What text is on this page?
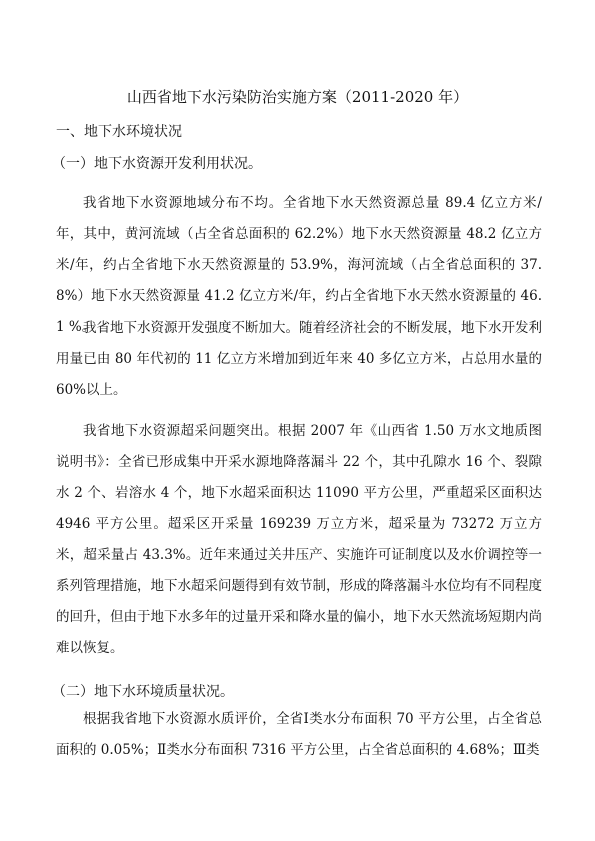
山西省地下水污染防治实施方案（2011-2020 年）
一、地下水环境状况
（一）地下水资源开发利用状况。
我省地下水资源地域分布不均。全省地下水天然资源总量 89.4 亿立方米/年，其中，黄河流域（占全省总面积的 62.2%）地下水天然资源量 48.2 亿立方米/年，约占全省地下水天然资源量的 53.9%，海河流域（占全省总面积的 37.8%）地下水天然资源量 41.2 亿立方米/年，约占全省地下水天然水资源量的 46.1 %。
我省地下水资源开发强度不断加大。随着经济社会的不断发展，地下水开发利用量已由 80 年代初的 11 亿立方米增加到近年来 40 多亿立方米，占总用水量的 60%以上。
我省地下水资源超采问题突出。根据 2007 年《山西省 1.50 万水文地质图说明书》：全省已形成集中开采水源地降落漏斗 22 个，其中孔隙水 16 个、裂隙水 2 个、岩溶水 4 个，地下水超采面积达 11090 平方公里，严重超采区面积达 4946 平方公里。超采区开采量 169239 万立方米，超采量为 73272 万立方米，超采量占 43.3%。近年来通过关井压产、实施许可证制度以及水价调控等一系列管理措施，地下水超采问题得到有效节制，形成的降落漏斗水位均有不同程度的回升，但由于地下水多年的过量开采和降水量的偏小，地下水天然流场短期内尚难以恢复。
（二）地下水环境质量状况。
根据我省地下水资源水质评价，全省Ⅰ类水分布面积 70 平方公里，占全省总面积的 0.05%；Ⅱ类水分布面积 7316 平方公里，占全省总面积的 4.68%；Ⅲ类
